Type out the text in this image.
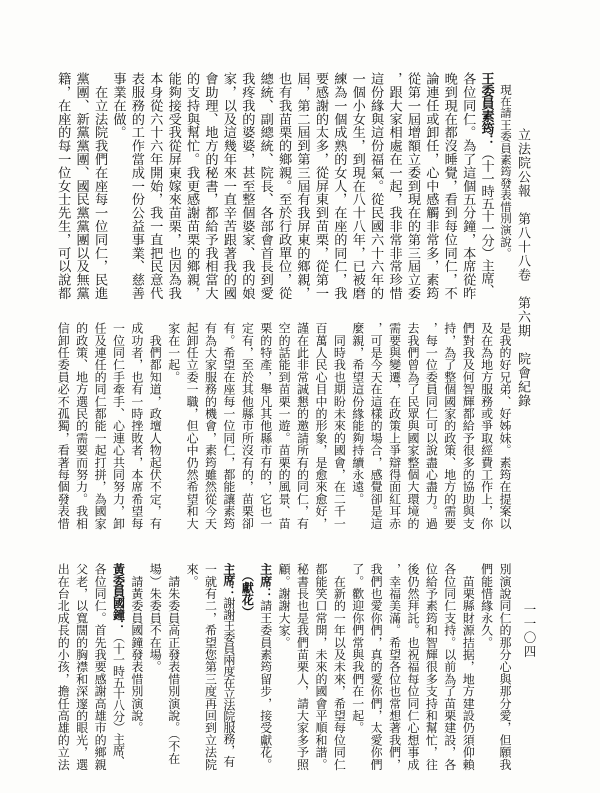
立法院公報　第八十八卷　第六期　院會紀錄
一一〇四
　現在請王委員素筠發表惜別演說。
王委員素筠：（十一時五十一分）主席、
各位同仁。為了這個五分鐘，本席從昨
晚到現在都沒睡覺，看到每位同仁，不
論連任或卸任，心中感觸非常多，素筠
從第一屆增額立委到現在的第三屆立委
，跟大家相處在一起，我非常非常珍惜
這份緣與這份福氣。從民國六十六年的
一個小女生，到現在八十八年，已被磨
練為一個成熟的女人，在座的同仁，我
要感謝的太多，從屏東到苗栗，從第一
屆，第二屆到第三屆有我屏東的鄉親，
也有我苗栗的鄉親。至於行政單位，從
總統、副總統、院長、各部會首長到愛
我疼我的婆婆，甚至整個婆家、我的娘
家，以及這幾年來一直辛苦跟著我的國
會助理、地方的秘書，都給予我相當大
的支持與幫忙。我更感謝苗栗的鄉親，
能夠接受我從屏東嫁來苗栗，也因為我
本身從六十六年開始，我一直把民意代
表服務的工作當成一份公益事業、慈善
事業在做。
　在立法院我們在座每一位同仁，民進
黨團、新黨黨團、國民黨黨團以及無黨
籍，在座的每一位女士先生，可以說都
是我的好兄弟、好姊妹。素筠在提案以
及在為地方服務或爭取經費工作上，你
們對我及何智輝都給予很多的協助與支
持，為了整個國家的政策、地方的需要
，每一位委員同仁可以說盡心盡力。過
去我們曾為了民眾與國家整個大環境的
需要與變遷，在政策上爭辯得面紅耳赤
，可是今天在這樣的場合，感覺卻是這
麼親，希望這份緣能夠持續永遠。
　同時我也期盼未來的國會，在二千一
百萬人民心目中的形象，是愈來愈好，
謹在此非常誠懇的邀請所有的同仁，有
空的話能到苗栗一遊。苗栗的風景、苗
栗的特產，舉凡其他縣市有的，它也一
定有，至於其他縣市所沒有的，苗栗卻
有。希望在座每一位同仁，都能讓素筠
有為大家服務的機會，素筠雖然從今天
起卸任立委一職，但心中仍然希望和大
家在一起。
　我們都知道，政壇人物起伏不定，有
成功者，也有一時挫敗者，本席希望每
一位同仁手牽手、心連心共同努力，卸
任及連任的同仁都能一起打拼，為國家
的政策、地方選民的需要而努力。我相
信卸任委員必不孤獨，看著每個發表惜
別演說同仁的那分心與那分愛，但願我
們能惜緣永久。
　苗栗縣財源拮据，地方建設仍須仰賴
各位同仁支持。以前為了苗栗建設，各
位給予素筠和智輝很多支持和幫忙，往
後仍然拜託。也祝福每位同仁心想事成
，幸福美滿。希望各位也常想著我們，
我們也愛你們，真的愛你們，太愛你們
了。歡迎你們常與我們在一起。
　在新的一年以及未來，希望每位同仁
都能笑口常開，未來的國會平順和諧。
秘書長也是我們苗栗人，請大家多予照
顧。謝謝大家。
主席：請王委員素筠留步，接受獻花。
　（獻花）
主席：謝謝王委員兩度在立法院服務，有
一就有二，希望您第三度再回到立法院
來。
　請朱委員高正發表惜別演說。（不在
場）朱委員不在場。
　請黃委員國鐘發表惜別演說。
黃委員國鐘：（十一時五十八分）主席、
各位同仁。首先我要感謝高雄市的鄉親
父老，以寬闊的胸襟和深邃的眼光，選
出在台北成長的小孩，擔任高雄的立法
